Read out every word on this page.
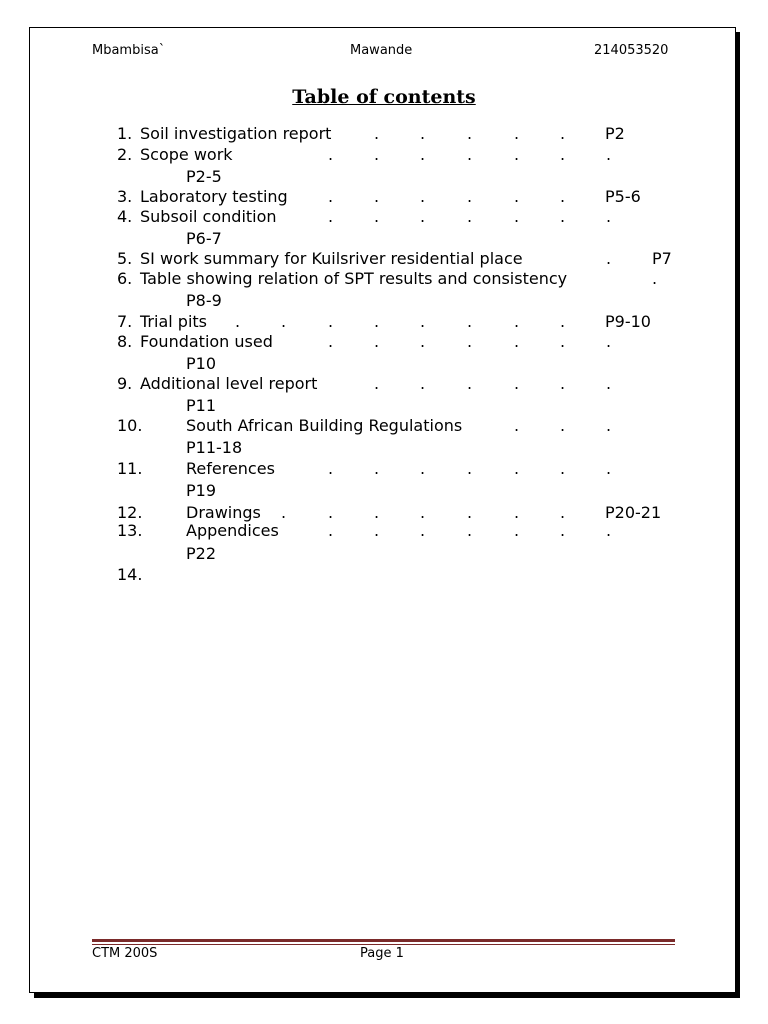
Mbambisa`	Mawande	214053520
Table of contents
1. Soil investigation report	.	.	.	.	. P2
2. Scope work	.	.	.	.	.	.	.
P2-5
3. Laboratory testing	.	.	.	.	.	. P5-6
4. Subsoil condition	.	.	.	.	.	.	.
P6-7
5. SI work summary for Kuilsriver residential place	.	P7
6. Table showing relation of SPT results and consistency	.
P8-9
7. Trial pits .	.	.	.	.	.	.	. P9-10
8. Foundation used	.	.	.	.	.	.	.
P10
9. Additional level report	.	.	.	.	.	.
P11
10.	South African Building Regulations	.	.	.
P11-18
11.	References	.	.	.	.	.	.	.
P19
12.	Drawings .	.	.	.	.	.	. P20-21
13.	Appendices	.	.	.	.	.	.	.
P22
14.
CTM 200S	Page 1
